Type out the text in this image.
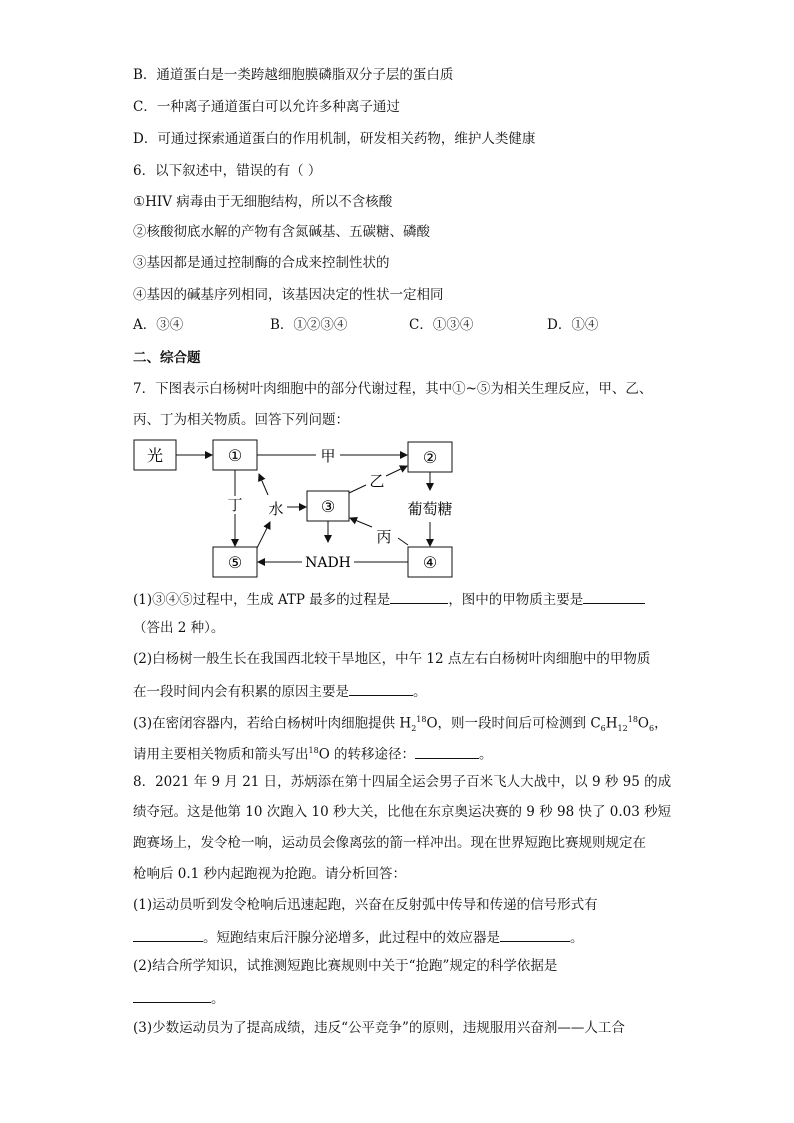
B．通道蛋白是一类跨越细胞膜磷脂双分子层的蛋白质
C．一种离子通道蛋白可以允许多种离子通过
D．可通过探索通道蛋白的作用机制，研发相关药物，维护人类健康
6．以下叙述中，错误的有（ ）
①HIV 病毒由于无细胞结构，所以不含核酸
②核酸彻底水解的产物有含氮碱基、五碳糖、磷酸
③基因都是通过控制酶的合成来控制性状的
④基因的碱基序列相同，该基因决定的性状一定相同
A．③④	B．①②③④	C．①③④	D．①④
二、综合题
7．下图表示白杨树叶肉细胞中的部分代谢过程，其中①~⑤为相关生理反应，甲、乙、
丙、丁为相关物质。回答下列问题：
光	①	②
③
⑤	④
甲
乙
葡萄糖
丙
NADH
丁 水
(1)③④⑤过程中，生成 ATP 最多的过程是	，图中的甲物质主要是
（答出 2 种）。
(2)白杨树一般生长在我国西北较干旱地区，中午 12 点左右白杨树叶肉细胞中的甲物质
在一段时间内会有积累的原因主要是	。
(3)在密闭容器内，若给白杨树叶肉细胞提供 $H_2^{18}O$，则一段时间后可检测到 $C_6H_{12}^{18}O_6$，
请用主要相关物质和箭头写出$^{18}$O 的转移途径：	。
8．2021 年 9 月 21 日，苏炳添在第十四届全运会男子百米飞人大战中，以 9 秒 95 的成
绩夺冠。这是他第 10 次跑入 10 秒大关，比他在东京奥运决赛的 9 秒 98 快了 0.03 秒短
跑赛场上，发令枪一响，运动员会像离弦的箭一样冲出。现在世界短跑比赛规则规定在
枪响后 0.1 秒内起跑视为抢跑。请分析回答：
(1)运动员听到发令枪响后迅速起跑，兴奋在反射弧中传导和传递的信号形式有
。短跑结束后汗腺分泌增多，此过程中的效应器是	。
(2)结合所学知识，试推测短跑比赛规则中关于“抢跑”规定的科学依据是
。
(3)少数运动员为了提高成绩，违反“公平竞争”的原则，违规服用兴奋剂——人工合
